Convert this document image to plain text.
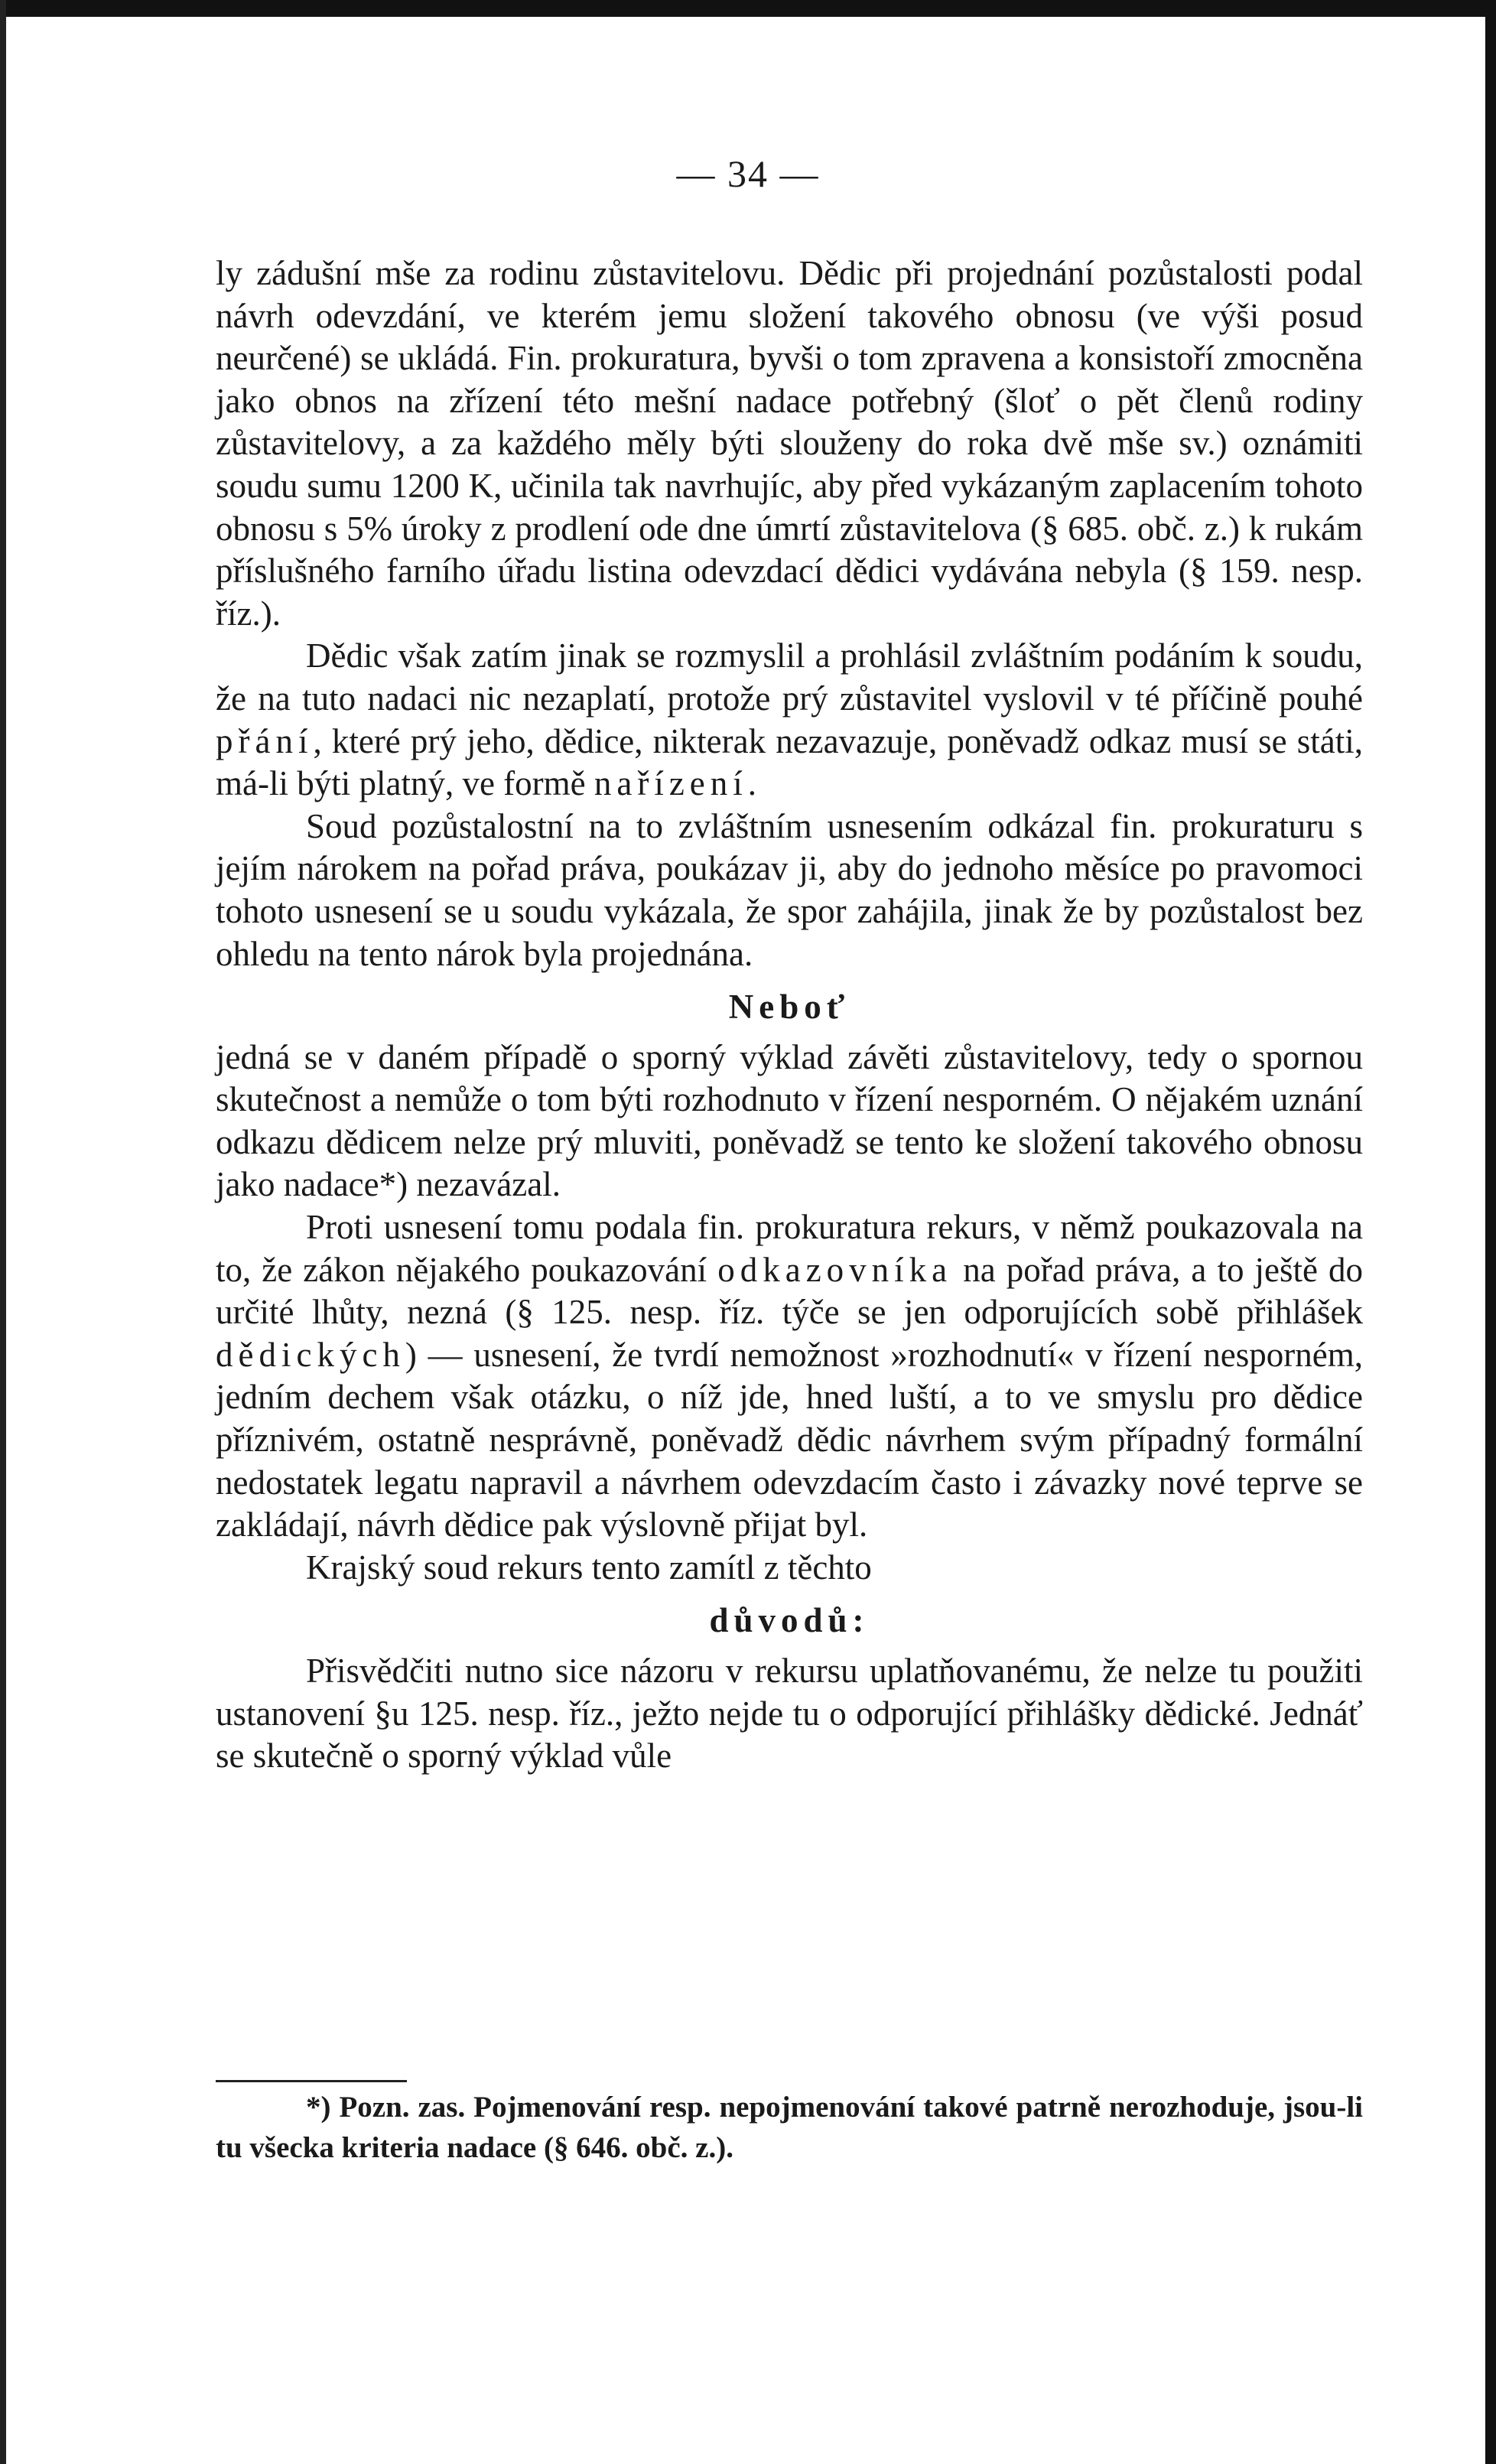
— 34 —

ly zádušní mše za rodinu zůstavitelovu. Dědic při projednání pozůstalosti podal návrh odevzdání, ve kterém jemu složení takového obnosu (ve výši posud neurčené) se ukládá. Fin. prokuratura, byvši o tom zpravena a konsistoří zmocněna jako obnos na zřízení této mešní nadace potřebný (šloť o pět členů rodiny zůstavitelovy, a za každého měly býti slouženy do roka dvě mše sv.) oznámiti soudu sumu 1200 K, učinila tak navrhujíc, aby před vykázaným zaplacením tohoto obnosu s 5% úroky z prodlení ode dne úmrtí zůstavitelova (§ 685. obč. z.) k rukám příslušného farního úřadu listina odevzdací dědici vydávána nebyla (§ 159. nesp. říz.).

Dědic však zatím jinak se rozmyslil a prohlásil zvláštním podáním k soudu, že na tuto nadaci nic nezaplatí, protože prý zůstavitel vyslovil v té příčině pouhé přání, které prý jeho, dědice, nikterak nezavazuje, poněvadž odkaz musí se státi, má-li býti platný, ve formě nařízení.

Soud pozůstalostní na to zvláštním usnesením odkázal fin. prokuraturu s jejím nárokem na pořad práva, poukázav ji, aby do jednoho měsíce po pravomoci tohoto usnesení se u soudu vykázala, že spor zahájila, jinak že by pozůstalost bez ohledu na tento nárok byla projednána.

Neboť

jedná se v daném případě o sporný výklad závěti zůstavitelovy, tedy o spornou skutečnost a nemůže o tom býti rozhodnuto v řízení nesporném. O nějakém uznání odkazu dědicem nelze prý mluviti, poněvadž se tento ke složení takového obnosu jako nadace*) nezavázal.

Proti usnesení tomu podala fin. prokuratura rekurs, v němž poukazovala na to, že zákon nějakého poukazování odkazovníka na pořad práva, a to ještě do určité lhůty, nezná (§ 125. nesp. říz. týče se jen odporujících sobě přihlášek dědických) — usnesení, že tvrdí nemožnost »rozhodnutí« v řízení nesporném, jedním dechem však otázku, o níž jde, hned luští, a to ve smyslu pro dědice příznivém, ostatně nesprávně, poněvadž dědic návrhem svým případný formální nedostatek legatu napravil a návrhem odevzdacím často i závazky nové teprve se zakládají, návrh dědice pak výslovně přijat byl.

Krajský soud rekurs tento zamítl z těchto

důvodů:

Přisvědčiti nutno sice názoru v rekursu uplatňovanému, že nelze tu použiti ustanovení §u 125. nesp. říz., ježto nejde tu o odporující přihlášky dědické. Jednáť se skutečně o sporný výklad vůle

*) Pozn. zas. Pojmenování resp. nepojmenování takové patrně nerozhoduje, jsou-li tu všecka kriteria nadace (§ 646. obč. z.).
